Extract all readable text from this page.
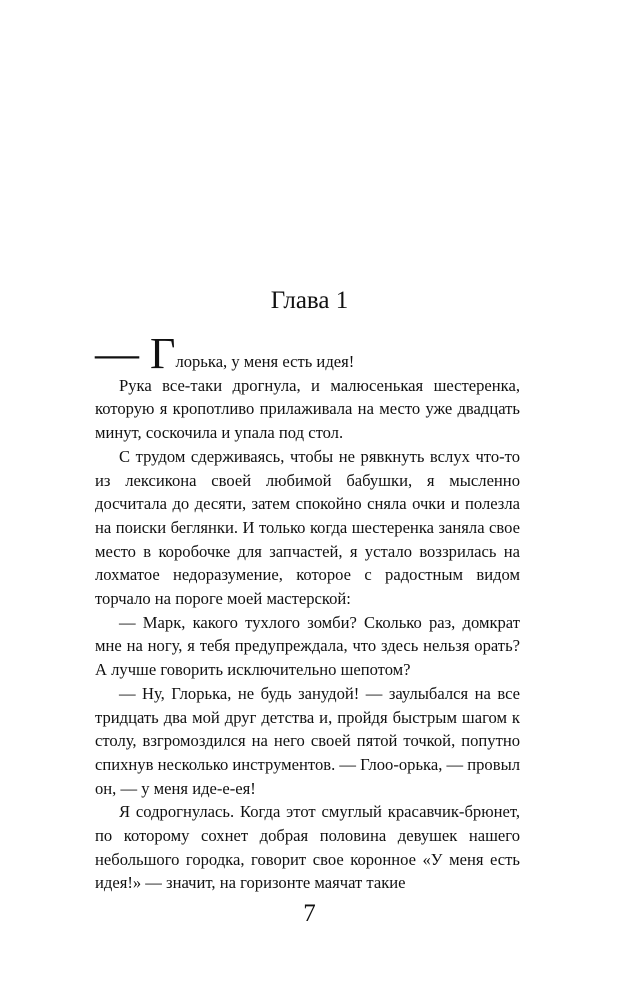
Глава 1

— Глорька, у меня есть идея!

Рука все-таки дрогнула, и малюсенькая шестеренка, которую я кропотливо прилаживала на место уже двадцать минут, соскочила и упала под стол.

С трудом сдерживаясь, чтобы не рявкнуть вслух что-то из лексикона своей любимой бабушки, я мысленно досчитала до десяти, затем спокойно сняла очки и полезла на поиски беглянки. И только когда шестеренка заняла свое место в коробочке для запчастей, я устало воззрилась на лохматое недоразумение, которое с радостным видом торчало на пороге моей мастерской:

— Марк, какого тухлого зомби? Сколько раз, домкрат мне на ногу, я тебя предупреждала, что здесь нельзя орать? А лучше говорить исключительно шепотом?

— Ну, Глорька, не будь занудой! — заулыбался на все тридцать два мой друг детства и, пройдя быстрым шагом к столу, взгромоздился на него своей пятой точкой, попутно спихнув несколько инструментов. — Глоо-орька, — провыл он, — у меня иде-е-ея!

Я содрогнулась. Когда этот смуглый красавчик-брюнет, по которому сохнет добрая половина девушек нашего небольшого городка, говорит свое коронное «У меня есть идея!» — значит, на горизонте маячат такие

7
